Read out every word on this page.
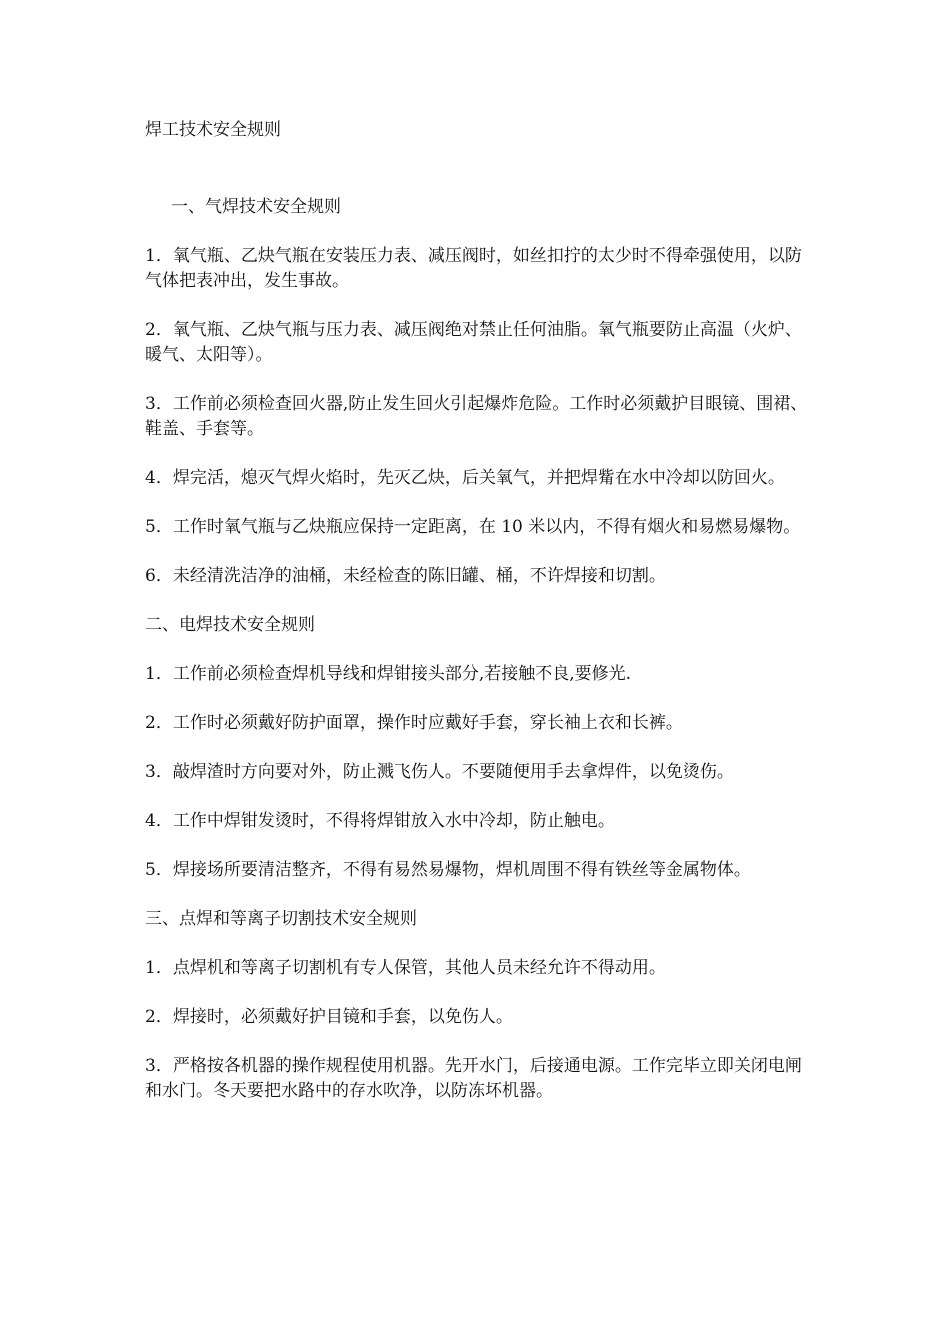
焊工技术安全规则
一、气焊技术安全规则

1．氧气瓶、乙炔气瓶在安装压力表、减压阀时，如丝扣拧的太少时不得牵强使用，以防气体把表冲出，发生事故。

2．氧气瓶、乙炔气瓶与压力表、减压阀绝对禁止任何油脂。氧气瓶要防止高温（火炉、暖气、太阳等）。

3．工作前必须检查回火器,防止发生回火引起爆炸危险。工作时必须戴护目眼镜、围裙、鞋盖、手套等。

4．焊完活，熄灭气焊火焰时，先灭乙炔，后关氧气，并把焊觜在水中冷却以防回火。

5．工作时氧气瓶与乙炔瓶应保持一定距离，在 10 米以内，不得有烟火和易燃易爆物。

6．未经清洗洁净的油桶，未经检查的陈旧罐、桶，不许焊接和切割。

二、电焊技术安全规则

1．工作前必须检查焊机导线和焊钳接头部分,若接触不良,要修光.

2．工作时必须戴好防护面罩，操作时应戴好手套，穿长袖上衣和长裤。

3．敲焊渣时方向要对外，防止溅飞伤人。不要随便用手去拿焊件，以免烫伤。

4．工作中焊钳发烫时，不得将焊钳放入水中冷却，防止触电。

5．焊接场所要清洁整齐，不得有易然易爆物，焊机周围不得有铁丝等金属物体。

三、点焊和等离子切割技术安全规则

1．点焊机和等离子切割机有专人保管，其他人员未经允许不得动用。

2．焊接时，必须戴好护目镜和手套，以免伤人。

3．严格按各机器的操作规程使用机器。先开水门，后接通电源。工作完毕立即关闭电闸和水门。冬天要把水路中的存水吹净，以防冻坏机器。
